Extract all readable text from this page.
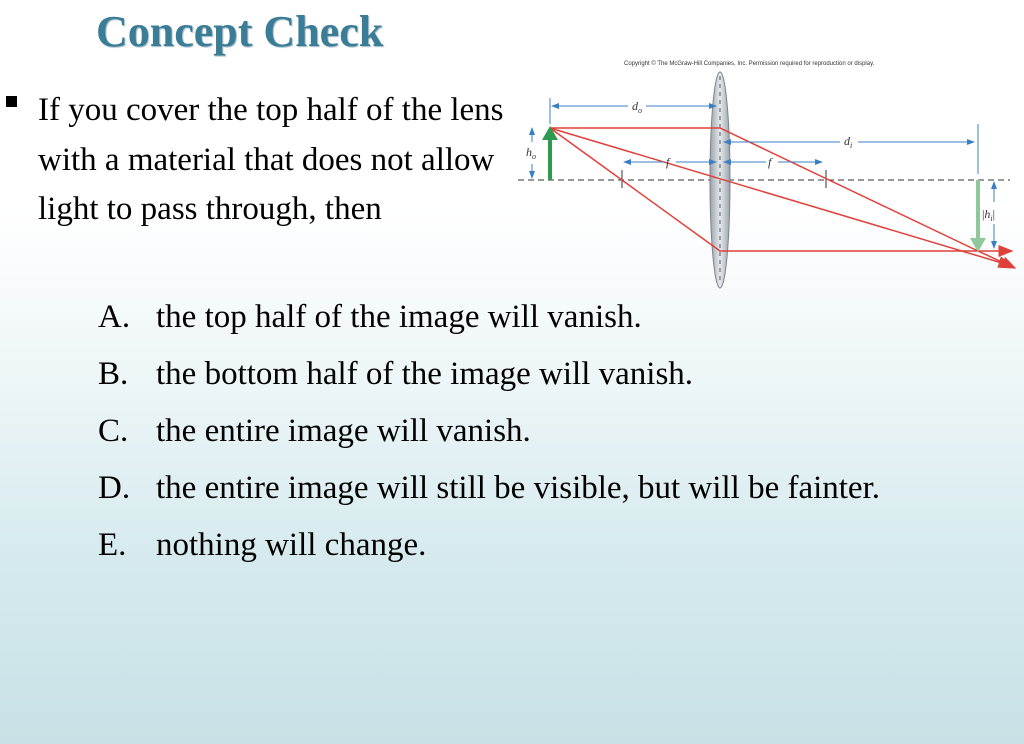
Concept Check
If you cover the top half of the lens with a material that does not allow light to pass through, then
A. the top half of the image will vanish.
B. the bottom half of the image will vanish.
C. the entire image will vanish.
D. the entire image will still be visible, but will be fainter.
E. nothing will change.
Copyright © The McGraw-Hill Companies, Inc. Permission required for reproduction or display.
$d_o$
$d_i$
f	f
$h_o$
$|h_i|$
